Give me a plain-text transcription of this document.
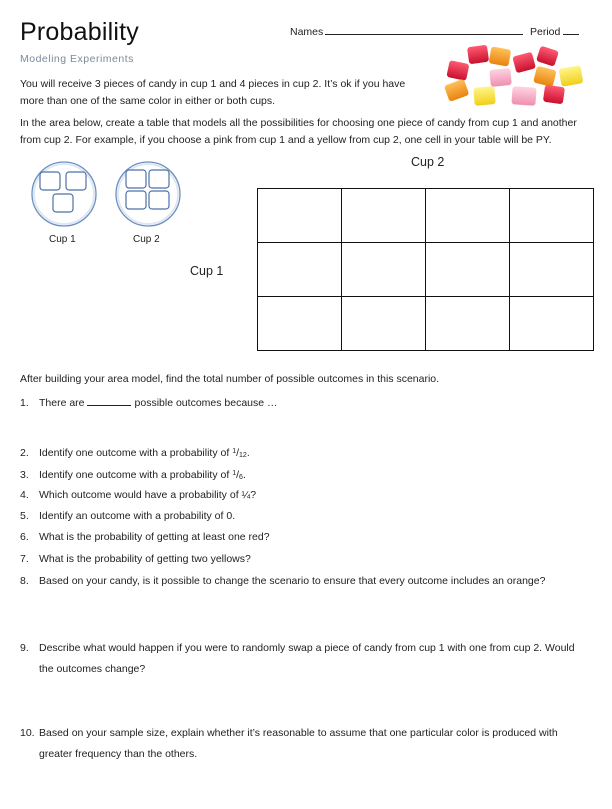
Probability
Modeling Experiments
Names	Period
You will receive 3 pieces of candy in cup 1 and 4 pieces in cup 2. It’s ok if you have
more than one of the same color in either or both cups.
In the area below, create a table that models all the possibilities for choosing one piece of candy from cup 1 and another
from cup 2. For example, if you choose a pink from cup 1 and a yellow from cup 2, one cell in your table will be PY.
Cup 1	Cup 2
Cup 2
Cup 1

After building your area model, find the total number of possible outcomes in this scenario.
1. There are	possible outcomes because …
2. Identify one outcome with a probability of $^1$/12.
3. Identify one outcome with a probability of $^1$/6.
4. Which outcome would have a probability of ¼?
5. Identify an outcome with a probability of 0.
6. What is the probability of getting at least one red?
7. What is the probability of getting two yellows?
8. Based on your candy, is it possible to change the scenario to ensure that every outcome includes an orange?
9. Describe what would happen if you were to randomly swap a piece of candy from cup 1 with one from cup 2. Would
the outcomes change?
10. Based on your sample size, explain whether it’s reasonable to assume that one particular color is produced with
greater frequency than the others.
